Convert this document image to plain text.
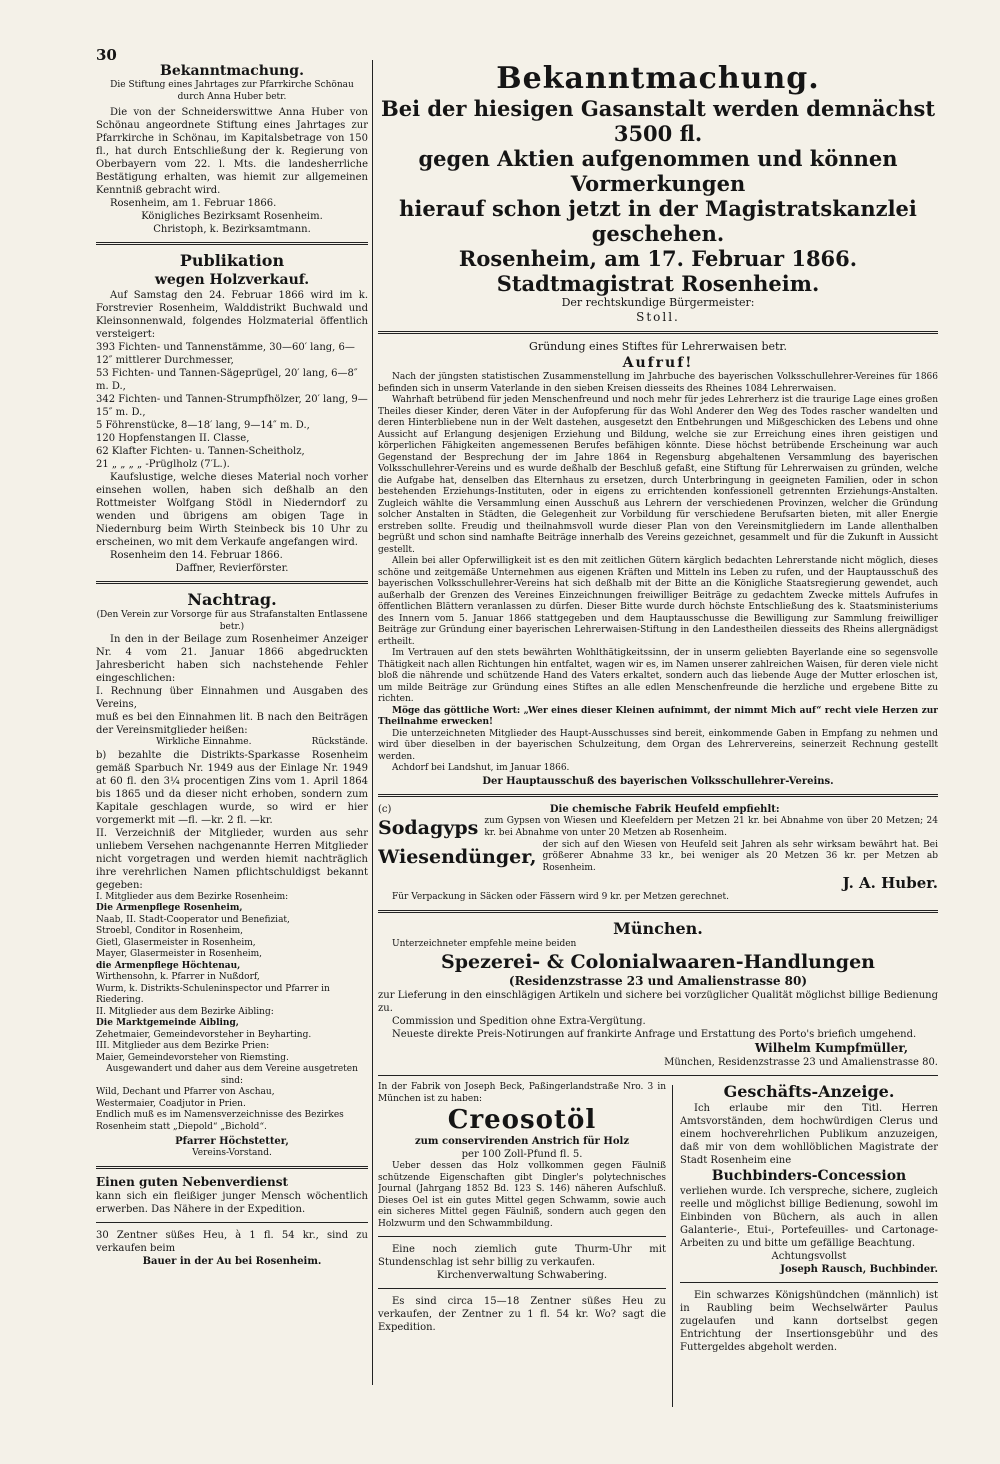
30

Bekanntmachung.

Die Stiftung eines Jahrtages zur Pfarrkirche Schönau durch Anna Huber betr.

Die von der Schneiderswittwe Anna Huber von Schönau angeordnete Stiftung eines Jahrtages zur Pfarrkirche in Schönau, im Kapitalsbetrage von 150 fl., hat durch Entschließung der k. Regierung von Oberbayern vom 22. l. Mts. die landesherrliche Bestätigung erhalten, was hiemit zur allgemeinen Kenntniß gebracht wird.

Rosenheim, am 1. Februar 1866.

Königliches Bezirksamt Rosenheim.

Christoph, k. Bezirksamtmann.

Publikation

wegen Holzverkauf.

Auf Samstag den 24. Februar 1866 wird im k. Forstrevier Rosenheim, Walddistrikt Buchwald und Kleinsonnenwald, folgendes Holzmaterial öffentlich versteigert:

393 Fichten- und Tannenstämme, 30—60′ lang, 6—12″ mittlerer Durchmesser,

53 Fichten- und Tannen-Sägeprügel, 20′ lang, 6—8″ m. D.,

342 Fichten- und Tannen-Strumpfhölzer, 20′ lang, 9—15″ m. D.,

5 Föhrenstücke, 8—18′ lang, 9—14″ m. D.,

120 Hopfenstangen II. Classe,

62 Klafter Fichten- u. Tannen-Scheitholz,

21 „ „ „ „ -Prüglholz (7′L.).

Kaufslustige, welche dieses Material noch vorher einsehen wollen, haben sich deßhalb an den Rottmeister Wolfgang Stödl in Niederndorf zu wenden und übrigens am obigen Tage in Niedernburg beim Wirth Steinbeck bis 10 Uhr zu erscheinen, wo mit dem Verkaufe angefangen wird.

Rosenheim den 14. Februar 1866.

Daffner, Revierförster.

Nachtrag.

(Den Verein zur Vorsorge für aus Strafanstalten Entlassene betr.)

In den in der Beilage zum Rosenheimer Anzeiger Nr. 4 vom 21. Januar 1866 abgedruckten Jahresbericht haben sich nachstehende Fehler eingeschlichen:

I. Rechnung über Einnahmen und Ausgaben des Vereins,

muß es bei den Einnahmen lit. B nach den Beiträgen der Vereinsmitglieder heißen:

Wirkliche Einnahme.	Rückstände.

b) bezahlte die Distrikts-Sparkasse Rosenheim gemäß Sparbuch Nr. 1949 aus der Einlage Nr. 1949 at 60 fl. den 3¼ procentigen Zins vom 1. April 1864 bis 1865 und da dieser nicht erhoben, sondern zum Kapitale geschlagen wurde, so wird er hier vorgemerkt mit —fl. —kr. 2 fl. —kr.

II. Verzeichniß der Mitglieder, wurden aus sehr unliebem Versehen nachgenannte Herren Mitglieder nicht vorgetragen und werden hiemit nachträglich ihre verehrlichen Namen pflichtschuldigst bekannt gegeben:

I. Mitglieder aus dem Bezirke Rosenheim:

Die Armenpflege Rosenheim,

Naab, II. Stadt-Cooperator und Benefiziat,

Stroebl, Conditor in Rosenheim,

Gietl, Glasermeister in Rosenheim,

Mayer, Glasermeister in Rosenheim,

die Armenpflege Höchtenau,

Wirthensohn, k. Pfarrer in Nußdorf,

Wurm, k. Distrikts-Schuleninspector und Pfarrer in Riedering.

II. Mitglieder aus dem Bezirke Aibling:

Die Marktgemeinde Aibling,

Zehetmaier, Gemeindevorsteher in Beyharting.

III. Mitglieder aus dem Bezirke Prien:

Maier, Gemeindevorsteher von Riemsting.

Ausgewandert und daher aus dem Vereine ausgetreten sind:

Wild, Dechant und Pfarrer von Aschau,

Westermaier, Coadjutor in Prien.

Endlich muß es im Namensverzeichnisse des Bezirkes Rosenheim statt „Diepold“ „Bichold“.

Pfarrer Höchstetter,

Vereins-Vorstand.

Einen guten Nebenverdienst

kann sich ein fleißiger junger Mensch wöchentlich erwerben. Das Nähere in der Expedition.

30 Zentner süßes Heu, à 1 fl. 54 kr., sind zu verkaufen beim

Bauer in der Au bei Rosenheim.

Bekanntmachung.

Bei der hiesigen Gasanstalt werden demnächst 3500 fl.

gegen Aktien aufgenommen und können Vormerkungen

hierauf schon jetzt in der Magistratskanzlei geschehen.

Rosenheim, am 17. Februar 1866.

Stadtmagistrat Rosenheim.

Der rechtskundige Bürgermeister:

Stoll.

Gründung eines Stiftes für Lehrerwaisen betr.

Aufruf!

Nach der jüngsten statistischen Zusammenstellung im Jahrbuche des bayerischen Volksschullehrer-Vereines für 1866 befinden sich in unserm Vaterlande in den sieben Kreisen diesseits des Rheines 1084 Lehrerwaisen.

Wahrhaft betrübend für jeden Menschenfreund und noch mehr für jedes Lehrerherz ist die traurige Lage eines großen Theiles dieser Kinder, deren Väter in der Aufopferung für das Wohl Anderer den Weg des Todes rascher wandelten und deren Hinterbliebene nun in der Welt dastehen, ausgesetzt den Entbehrungen und Mißgeschicken des Lebens und ohne Aussicht auf Erlangung desjenigen Erziehung und Bildung, welche sie zur Erreichung eines ihren geistigen und körperlichen Fähigkeiten angemessenen Berufes befähigen könnte. Diese höchst betrübende Erscheinung war auch Gegenstand der Besprechung der im Jahre 1864 in Regensburg abgehaltenen Versammlung des bayerischen Volksschullehrer-Vereins und es wurde deßhalb der Beschluß gefaßt, eine Stiftung für Lehrerwaisen zu gründen, welche die Aufgabe hat, denselben das Elternhaus zu ersetzen, durch Unterbringung in geeigneten Familien, oder in schon bestehenden Erziehungs-Instituten, oder in eigens zu errichtenden konfessionell getrennten Erziehungs-Anstalten. Zugleich wählte die Versammlung einen Ausschuß aus Lehrern der verschiedenen Provinzen, welcher die Gründung solcher Anstalten in Städten, die Gelegenheit zur Vorbildung für verschiedene Berufsarten bieten, mit aller Energie erstreben sollte. Freudig und theilnahmsvoll wurde dieser Plan von den Vereinsmitgliedern im Lande allenthalben begrüßt und schon sind namhafte Beiträge innerhalb des Vereins gezeichnet, gesammelt und für die Zukunft in Aussicht gestellt.

Allein bei aller Opferwilligkeit ist es den mit zeitlichen Gütern kärglich bedachten Lehrerstande nicht möglich, dieses schöne und zeitgemäße Unternehmen aus eigenen Kräften und Mitteln ins Leben zu rufen, und der Hauptausschuß des bayerischen Volksschullehrer-Vereins hat sich deßhalb mit der Bitte an die Königliche Staatsregierung gewendet, auch außerhalb der Grenzen des Vereines Einzeichnungen freiwilliger Beiträge zu gedachtem Zwecke mittels Aufrufes in öffentlichen Blättern veranlassen zu dürfen. Dieser Bitte wurde durch höchste Entschließung des k. Staatsministeriums des Innern vom 5. Januar 1866 stattgegeben und dem Hauptausschusse die Bewilligung zur Sammlung freiwilliger Beiträge zur Gründung einer bayerischen Lehrerwaisen-Stiftung in den Landestheilen diesseits des Rheins allergnädigst ertheilt.

Im Vertrauen auf den stets bewährten Wohlthätigkeitssinn, der in unserm geliebten Bayerlande eine so segensvolle Thätigkeit nach allen Richtungen hin entfaltet, wagen wir es, im Namen unserer zahlreichen Waisen, für deren viele nicht bloß die nährende und schützende Hand des Vaters erkaltet, sondern auch das liebende Auge der Mutter erloschen ist, um milde Beiträge zur Gründung eines Stiftes an alle edlen Menschenfreunde die herzliche und ergebene Bitte zu richten.

Möge das göttliche Wort: „Wer eines dieser Kleinen aufnimmt, der nimmt Mich auf“ recht viele Herzen zur Theilnahme erwecken!

Die unterzeichneten Mitglieder des Haupt-Ausschusses sind bereit, einkommende Gaben in Empfang zu nehmen und wird über dieselben in der bayerischen Schulzeitung, dem Organ des Lehrervereins, seinerzeit Rechnung gestellt werden.

Achdorf bei Landshut, im Januar 1866.

Der Hauptausschuß des bayerischen Volksschullehrer-Vereins.

(c)	Die chemische Fabrik Heufeld empfiehlt:
Sodagyps zum Gypsen von Wiesen und Kleefeldern per Metzen 21 kr. bei Abnahme von über 20 Metzen; 24 kr. bei Abnahme von unter 20 Metzen ab Rosenheim.
Wiesendünger,
der sich auf den Wiesen von Heufeld seit Jahren als sehr wirksam bewährt hat. Bei größerer Abnahme 33 kr., bei weniger als 20 Metzen 36 kr. per Metzen ab Rosenheim.

J. A. Huber.

Für Verpackung in Säcken oder Fässern wird 9 kr. per Metzen gerechnet.

München.

Unterzeichneter empfehle meine beiden

Spezerei- & Colonialwaaren-Handlungen

(Residenzstrasse 23 und Amalienstrasse 80)

zur Lieferung in den einschlägigen Artikeln und sichere bei vorzüglicher Qualität möglichst billige Bedienung zu.

Commission und Spedition ohne Extra-Vergütung.

Neueste direkte Preis-Notirungen auf frankirte Anfrage und Erstattung des Porto's briefich umgehend.

Wilhelm Kumpfmüller,

München, Residenzstrasse 23 und Amalienstrasse 80.

In der Fabrik von Joseph Beck, Paßingerlandstraße Nro. 3 in München ist zu haben:

Creosotöl

zum conservirenden Anstrich für Holz

per 100 Zoll-Pfund fl. 5.

Ueber dessen das Holz vollkommen gegen Fäulniß schützende Eigenschaften gibt Dingler's polytechnisches Journal (Jahrgang 1852 Bd. 123 S. 146) näheren Aufschluß. Dieses Oel ist ein gutes Mittel gegen Schwamm, sowie auch ein sicheres Mittel gegen Fäulniß, sondern auch gegen den Holzwurm und den Schwammbildung.

Eine noch ziemlich gute Thurm-Uhr mit Stundenschlag ist sehr billig zu verkaufen.

Kirchenverwaltung Schwabering.

Es sind circa 15—18 Zentner süßes Heu zu verkaufen, der Zentner zu 1 fl. 54 kr. Wo? sagt die Expedition.

Geschäfts-Anzeige.

Ich erlaube mir den Titl. Herren Amtsvorständen, dem hochwürdigen Clerus und einem hochverehrlichen Publikum anzuzeigen, daß mir von dem wohllöblichen Magistrate der Stadt Rosenheim eine

Buchbinders-Concession

verliehen wurde. Ich verspreche, sichere, zugleich reelle und möglichst billige Bedienung, sowohl im Einbinden von Büchern, als auch in allen Galanterie-, Etui-, Portefeuilles- und Cartonage-Arbeiten zu und bitte um gefällige Beachtung.

Achtungsvollst

Joseph Rausch, Buchbinder.

Ein schwarzes Königshündchen (männlich) ist in Raubling beim Wechselwärter Paulus zugelaufen und kann dortselbst gegen Entrichtung der Insertionsgebühr und des Futtergeldes abgeholt werden.
